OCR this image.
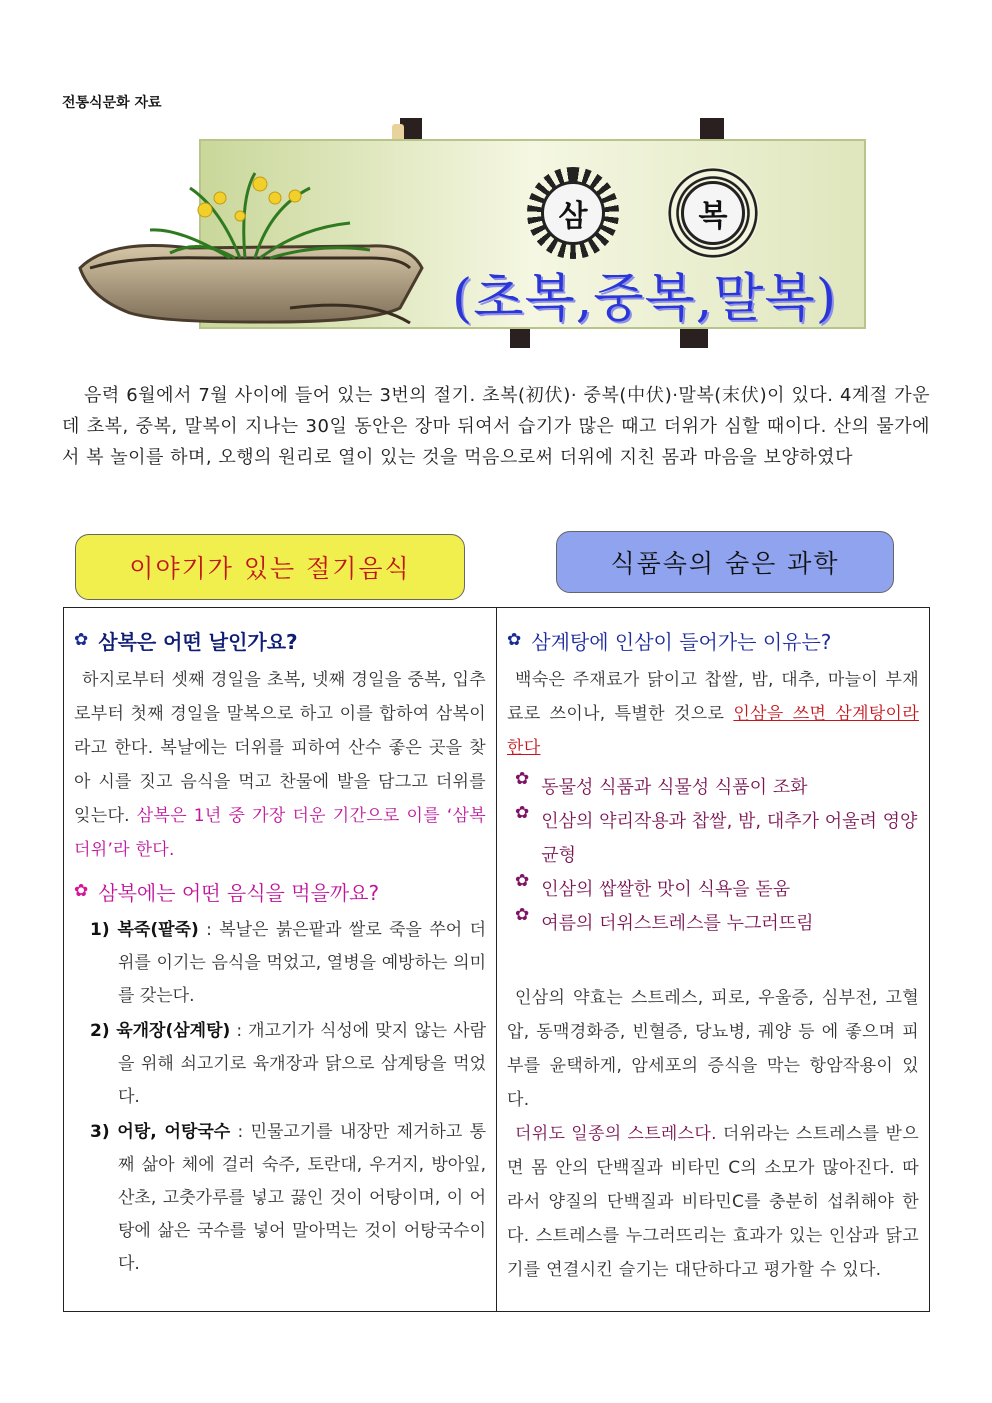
전통식문화 자료
삼	복
(초복,중복,말복)

음력 6월에서 7월 사이에 들어 있는 3번의 절기. 초복(初伏)· 중복(中伏)·말복(末伏)이 있다. 4계절 가운데 초복, 중복, 말복이 지나는 30일 동안은 장마 뒤여서 습기가 많은 때고 더위가 심할 때이다. 산의 물가에서 복 놀이를 하며, 오행의 원리로 열이 있는 것을 먹음으로써 더위에 지친 몸과 마음을 보양하였다

이야기가 있는 절기음식	식품속의 숨은 과학
✿ 삼복은 어떤 날인가요?

하지로부터 셋째 경일을 초복, 넷째 경일을 중복, 입추로부터 첫째 경일을 말복으로 하고 이를 합하여 삼복이라고 한다. 복날에는 더위를 피하여 산수 좋은 곳을 찾아 시를 짓고 음식을 먹고 찬물에 발을 담그고 더위를 잊는다. 삼복은 1년 중 가장 더운 기간으로 이를 ‘삼복더위’라 한다.

✿ 삼복에는 어떤 음식을 먹을까요?

1) 복죽(팥죽) : 복날은 붉은팥과 쌀로 죽을 쑤어 더위를 이기는 음식을 먹었고, 열병을 예방하는 의미를 갖는다.

2) 육개장(삼계탕) : 개고기가 식성에 맞지 않는 사람을 위해 쇠고기로 육개장과 닭으로 삼계탕을 먹었다.

3) 어탕, 어탕국수 : 민물고기를 내장만 제거하고 통째 삶아 체에 걸러 숙주, 토란대, 우거지, 방아잎, 산초, 고춧가루를 넣고 끓인 것이 어탕이며, 이 어탕에 삶은 국수를 넣어 말아먹는 것이 어탕국수이다.

✿ 삼계탕에 인삼이 들어가는 이유는?

백숙은 주재료가 닭이고 찹쌀, 밤, 대추, 마늘이 부재료로 쓰이나, 특별한 것으로 인삼을 쓰면 삼계탕이라 한다

✿ 동물성 식품과 식물성 식품이 조화
✿ 인삼의 약리작용과 찹쌀, 밤, 대추가 어울려 영양 균형
✿ 인삼의 쌉쌀한 맛이 식욕을 돋움
✿ 여름의 더위스트레스를 누그러뜨림

인삼의 약효는 스트레스, 피로, 우울증, 심부전, 고혈압, 동맥경화증, 빈혈증, 당뇨병, 궤양 등 에 좋으며 피부를 윤택하게, 암세포의 증식을 막는 항암작용이 있다.

더위도 일종의 스트레스다. 더위라는 스트레스를 받으면 몸 안의 단백질과 비타민 C의 소모가 많아진다. 따라서 양질의 단백질과 비타민C를 충분히 섭취해야 한다. 스트레스를 누그러뜨리는 효과가 있는 인삼과 닭고기를 연결시킨 슬기는 대단하다고 평가할 수 있다.
